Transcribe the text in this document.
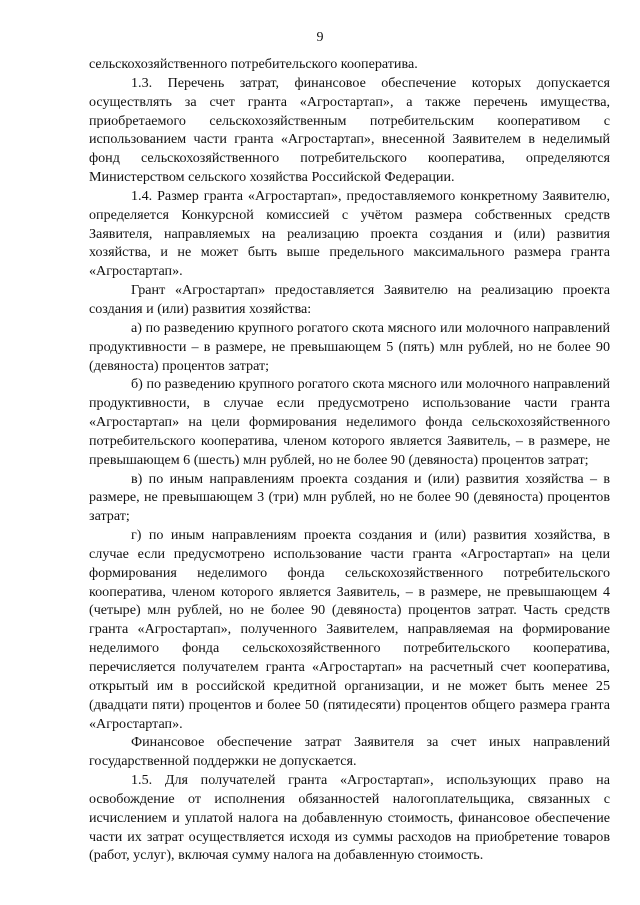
9

сельскохозяйственного потребительского кооператива.

1.3. Перечень затрат, финансовое обеспечение которых допускается осуществлять за счет гранта «Агростартап», а также перечень имущества, приобретаемого сельскохозяйственным потребительским кооперативом с использованием части гранта «Агростартап», внесенной Заявителем в неделимый фонд сельскохозяйственного потребительского кооператива, определяются Министерством сельского хозяйства Российской Федерации.

1.4. Размер гранта «Агростартап», предоставляемого конкретному Заявителю, определяется Конкурсной комиссией с учётом размера собственных средств Заявителя, направляемых на реализацию проекта создания и (или) развития хозяйства, и не может быть выше предельного максимального размера гранта «Агростартап».

Грант «Агростартап» предоставляется Заявителю на реализацию проекта создания и (или) развития хозяйства:

а) по разведению крупного рогатого скота мясного или молочного направлений продуктивности – в размере, не превышающем 5 (пять) млн рублей, но не более 90 (девяноста) процентов затрат;

б) по разведению крупного рогатого скота мясного или молочного направлений продуктивности, в случае если предусмотрено использование части гранта «Агростартап» на цели формирования неделимого фонда сельскохозяйственного потребительского кооператива, членом которого является Заявитель, – в размере, не превышающем 6 (шесть) млн рублей, но не более 90 (девяноста) процентов затрат;

в) по иным направлениям проекта создания и (или) развития хозяйства – в размере, не превышающем 3 (три) млн рублей, но не более 90 (девяноста) процентов затрат;

г) по иным направлениям проекта создания и (или) развития хозяйства, в случае если предусмотрено использование части гранта «Агростартап» на цели формирования неделимого фонда сельскохозяйственного потребительского кооператива, членом которого является Заявитель, – в размере, не превышающем 4 (четыре) млн рублей, но не более 90 (девяноста) процентов затрат. Часть средств гранта «Агростартап», полученного Заявителем, направляемая на формирование неделимого фонда сельскохозяйственного потребительского кооператива, перечисляется получателем гранта «Агростартап» на расчетный счет кооператива, открытый им в российской кредитной организации, и не может быть менее 25 (двадцати пяти) процентов и более 50 (пятидесяти) процентов общего размера гранта «Агростартап».

Финансовое обеспечение затрат Заявителя за счет иных направлений государственной поддержки не допускается.

1.5. Для получателей гранта «Агростартап», использующих право на освобождение от исполнения обязанностей налогоплательщика, связанных с исчислением и уплатой налога на добавленную стоимость, финансовое обеспечение части их затрат осуществляется исходя из суммы расходов на приобретение товаров (работ, услуг), включая сумму налога на добавленную стоимость.
